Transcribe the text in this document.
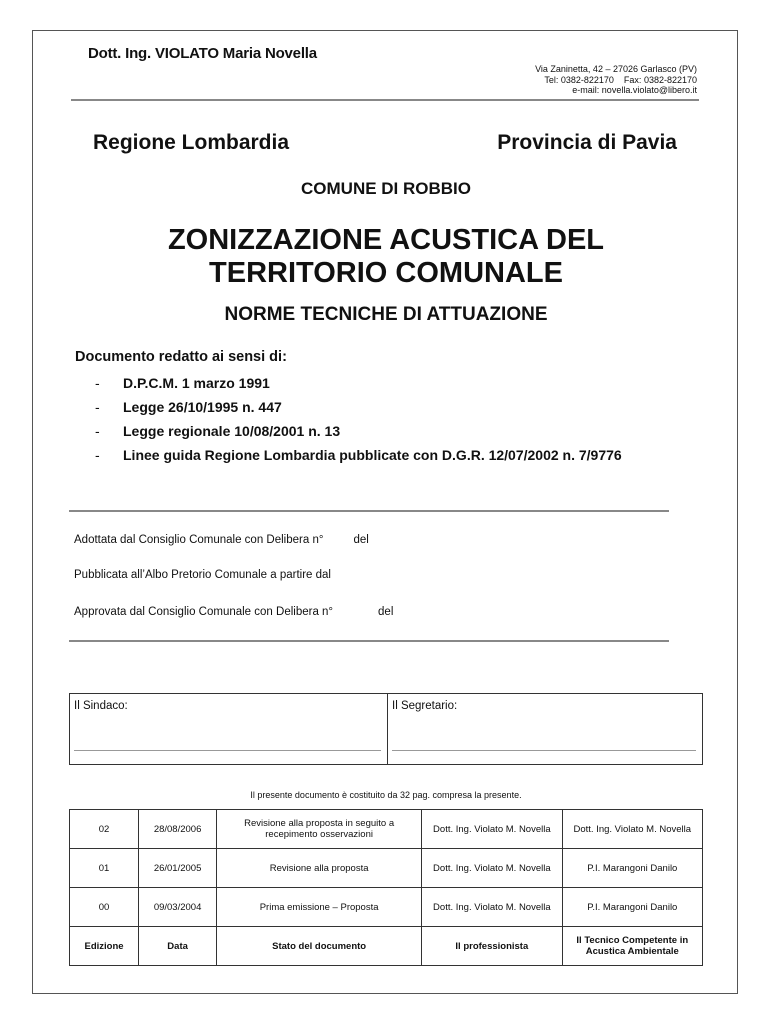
Dott. Ing. VIOLATO Maria Novella
Via Zaninetta, 42 – 27026 Garlasco (PV)
Tel: 0382-822170    Fax: 0382-822170
e-mail: novella.violato@libero.it
Regione Lombardia	Provincia di Pavia
COMUNE DI ROBBIO
ZONIZZAZIONE ACUSTICA DEL
TERRITORIO COMUNALE
NORME TECNICHE DI ATTUAZIONE
Documento redatto ai sensi di:
- D.P.C.M. 1 marzo 1991
- Legge 26/10/1995 n. 447
- Legge regionale 10/08/2001 n. 13
- Linee guida Regione Lombardia pubblicate con D.G.R. 12/07/2002 n. 7/9776
Adottata dal Consiglio Comunale con Delibera n°	del
Pubblicata all’Albo Pretorio Comunale a partire dal
Approvata dal Consiglio Comunale con Delibera n°	del
Il Sindaco:	Il Segretario:
Il presente documento è costituito da 32 pag. compresa la presente.
02	28/08/2006	Revisione alla proposta in seguito a recepimento osservazioni	Dott. Ing. Violato M. Novella	Dott. Ing. Violato M. Novella
01	26/01/2005	Revisione alla proposta	Dott. Ing. Violato M. Novella	P.I. Marangoni Danilo
00	09/03/2004	Prima emissione – Proposta	Dott. Ing. Violato M. Novella	P.I. Marangoni Danilo
Edizione	Data	Stato del documento	Il professionista	Il Tecnico Competente in Acustica Ambientale
